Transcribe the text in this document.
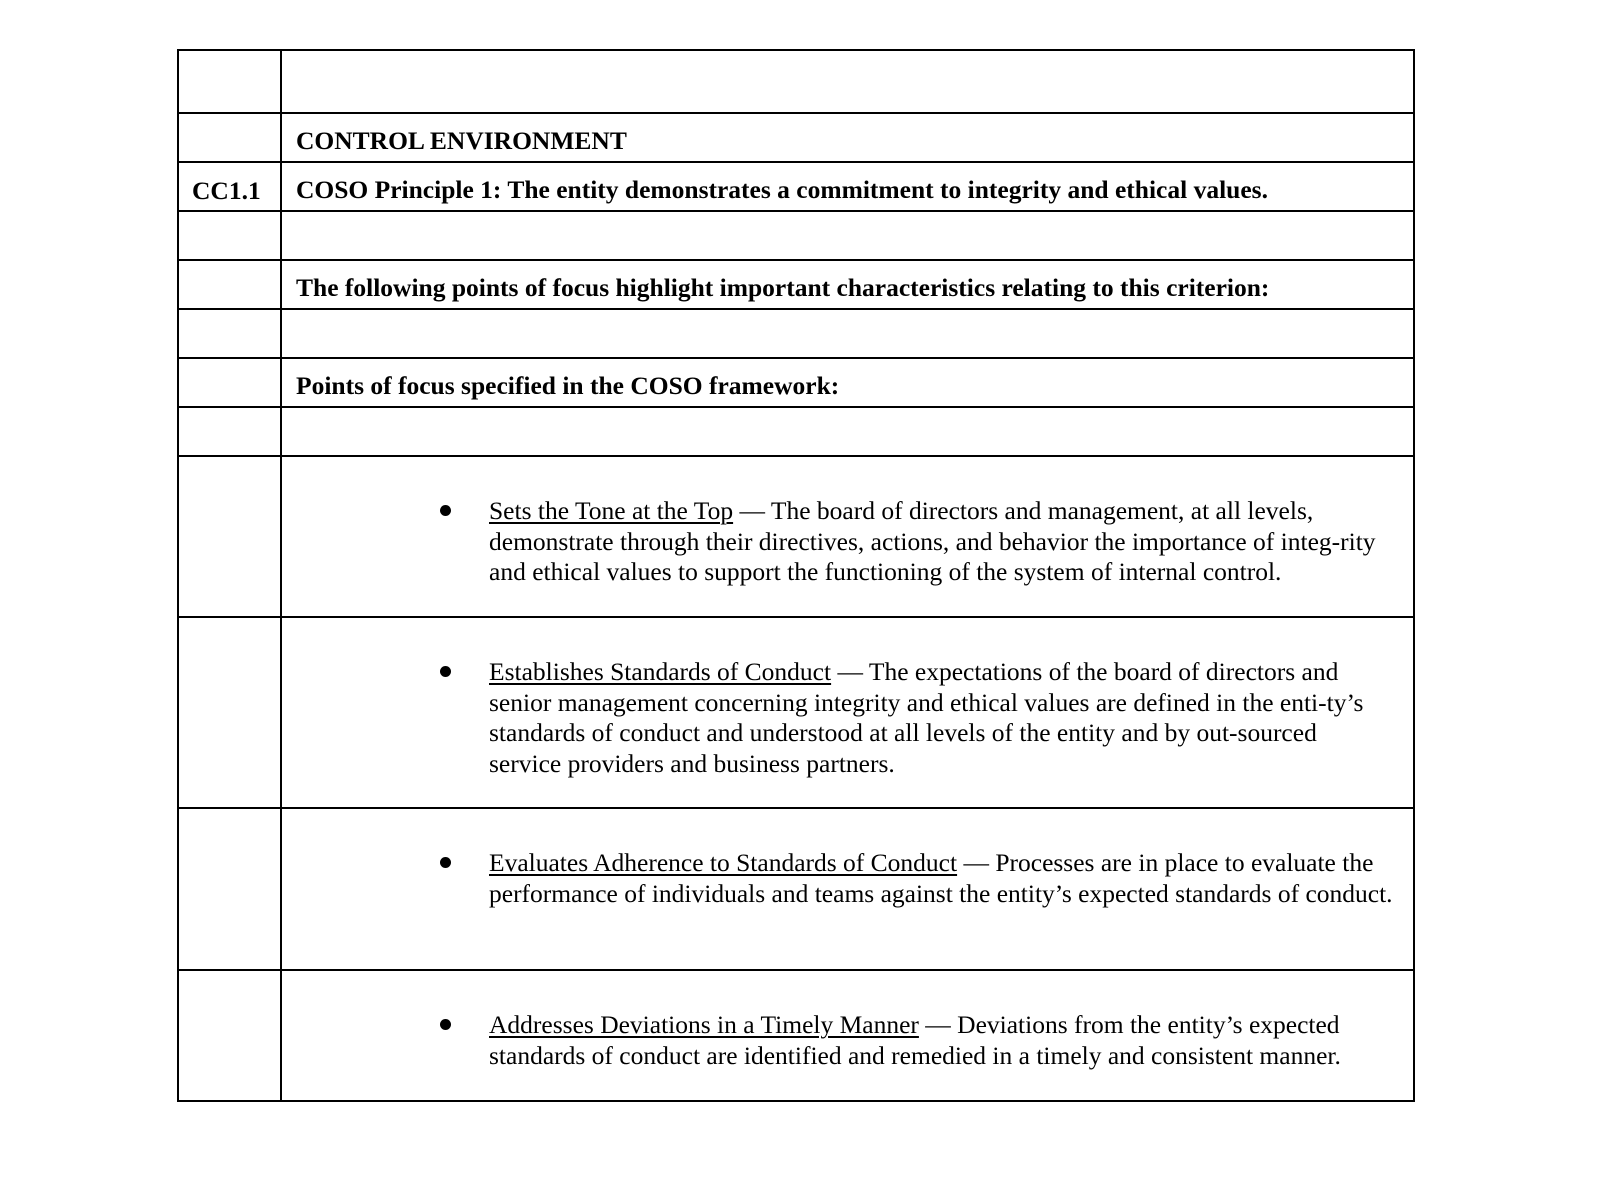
	CONTROL ENVIRONMENT
CC1.1	COSO Principle 1: The entity demonstrates a commitment to integrity and ethical values.

	The following points of focus highlight important characteristics relating to this criterion:

	Points of focus specified in the COSO framework:

	Sets the Tone at the Top — The board of directors and management, at all levels, demonstrate through their directives, actions, and behavior the importance of integ-rity and ethical values to support the functioning of the system of internal control.

	Establishes Standards of Conduct — The expectations of the board of directors and senior management concerning integrity and ethical values are defined in the enti-ty’s standards of conduct and understood at all levels of the entity and by out-sourced service providers and business partners.

	Evaluates Adherence to Standards of Conduct — Processes are in place to evaluate the performance of individuals and teams against the entity’s expected standards of conduct.

	Addresses Deviations in a Timely Manner — Deviations from the entity’s expected standards of conduct are identified and remedied in a timely and consistent manner.
